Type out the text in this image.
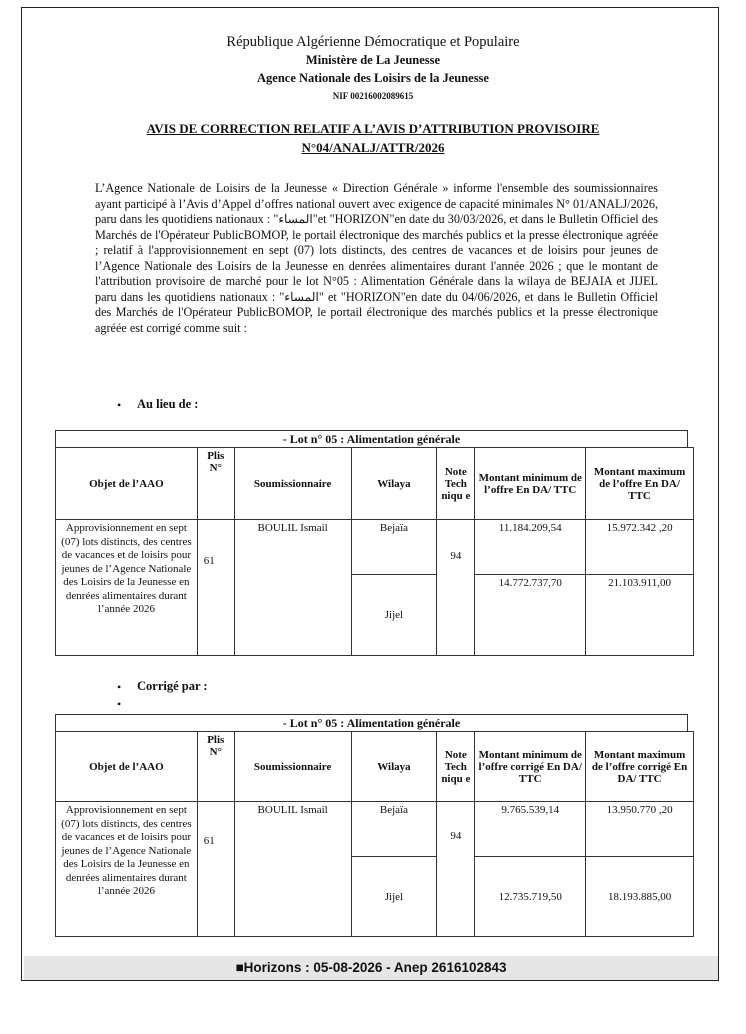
République Algérienne Démocratique et Populaire
Ministère de La Jeunesse
Agence Nationale des Loisirs de la Jeunesse
NIF 00216002089615
AVIS DE CORRECTION RELATIF A L’AVIS D’ATTRIBUTION PROVISOIRE
N°04/ANALJ/ATTR/2026
L’Agence Nationale de Loisirs de la Jeunesse « Direction Générale » informe l'ensemble des soumissionnaires ayant participé à l’Avis d’Appel d’offres national ouvert avec exigence de capacité minimales N° 01/ANALJ/2026, paru dans les quotidiens nationaux : "المساء"et "HORIZON"en date du 30/03/2026, et dans le Bulletin Officiel des Marchés de l'Opérateur PublicBOMOP, le portail électronique des marchés publics et la presse électronique agréée ; relatif à l'approvisionnement en sept (07) lots distincts, des centres de vacances et de loisirs pour jeunes de l’Agence Nationale des Loisirs de la Jeunesse en denrées alimentaires durant l'année 2026 ; que le montant de l'attribution provisoire de marché pour le lot N°05 : Alimentation Générale dans la wilaya de BEJAIA et JIJEL paru dans les quotidiens nationaux : "المساء" et "HORIZON"en date du 04/06/2026, et dans le Bulletin Officiel des Marchés de l'Opérateur PublicBOMOP, le portail électronique des marchés publics et la presse électronique agréée est corrigé comme suit :
• Au lieu de :
- Lot n° 05 : Alimentation générale
Objet de l’AAO	Plis N°	Soumissionnaire	Wilaya	Note Tech niqu e	Montant minimum de l’offre En DA/ TTC	Montant maximum de l’offre En DA/ TTC
Approvisionnement en sept (07) lots distincts, des centres de vacances et de loisirs pour jeunes de l’Agence Nationale des Loisirs de la Jeunesse en denrées alimentaires durant l’année 2026	61	BOULIL Ismail	Bejaïa	94	11.184.209,54	15.972.342 ,20
			Jijel		14.772.737,70	21.103.911,00
• Corrigé par :
•
- Lot n° 05 : Alimentation générale
Objet de l’AAO	Plis N°	Soumissionnaire	Wilaya	Note Tech niqu e	Montant minimum de l’offre corrigé En DA/ TTC	Montant maximum de l’offre corrigé En DA/ TTC
Approvisionnement en sept (07) lots distincts, des centres de vacances et de loisirs pour jeunes de l’Agence Nationale des Loisirs de la Jeunesse en denrées alimentaires durant l’année 2026	61	BOULIL Ismail	Bejaïa	94	9.765.539,14	13.950.770 ,20
			Jijel		12.735.719,50	18.193.885,00
■Horizons : 05-08-2026 - Anep 2616102843
